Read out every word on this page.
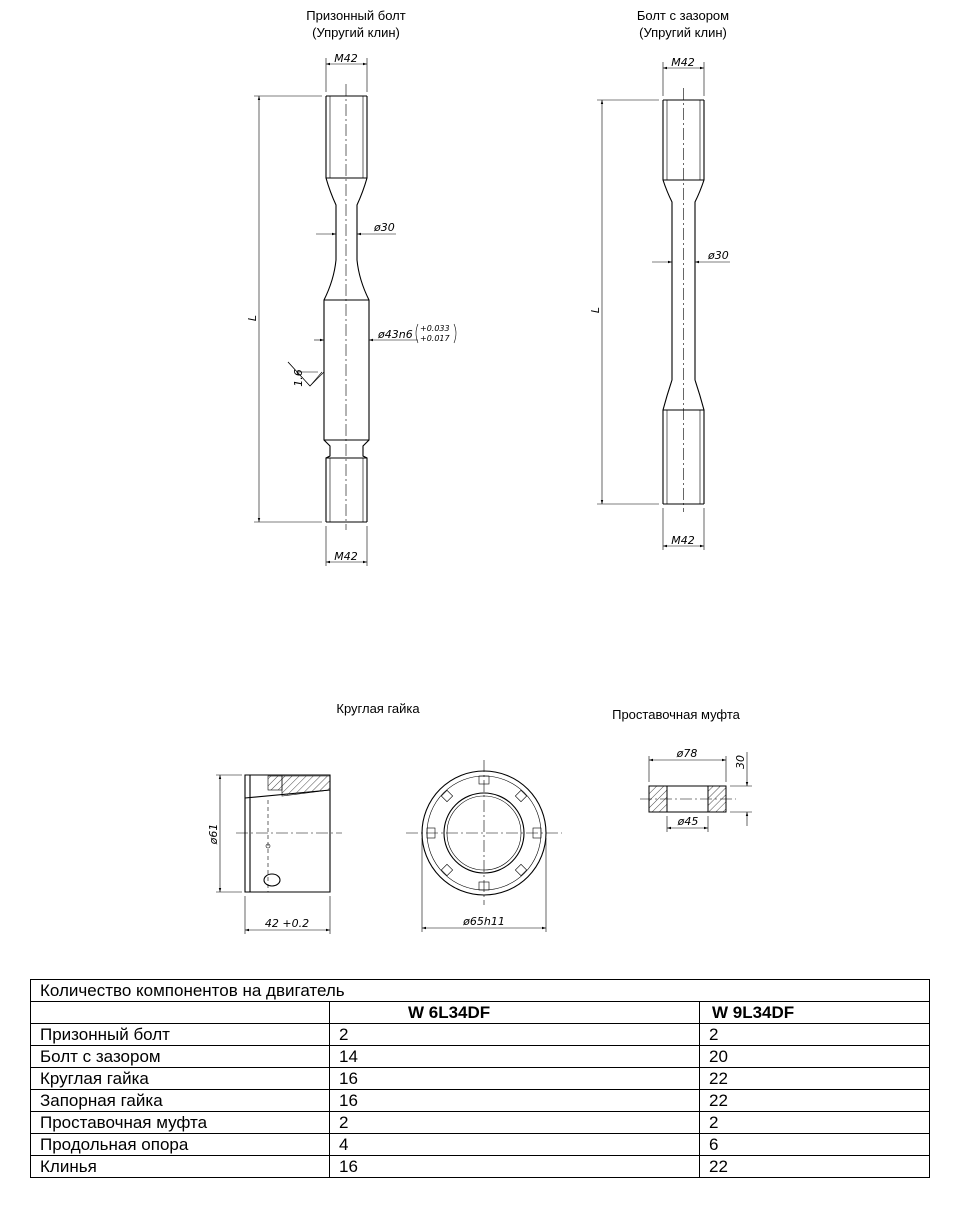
Призонный болт
(Упругий клин)
M42
M42
ø30
ø43n6 +0.033
+0.017
L
1.6
Болт с зазором
(Упругий клин)
M42
M42
ø30
L
Круглая гайка
ø61
42 +0.2	ø65h11
Проставочная муфта
ø78
ø45
30
Количество компонентов на двигатель		
	W 6L34DF	W 9L34DF
Призонный болт	2	2
Болт с зазором	14	20
Круглая гайка	16	22
Запорная гайка	16	22
Проставочная муфта	2	2
Продольная опора	4	6
Клинья	16	22
